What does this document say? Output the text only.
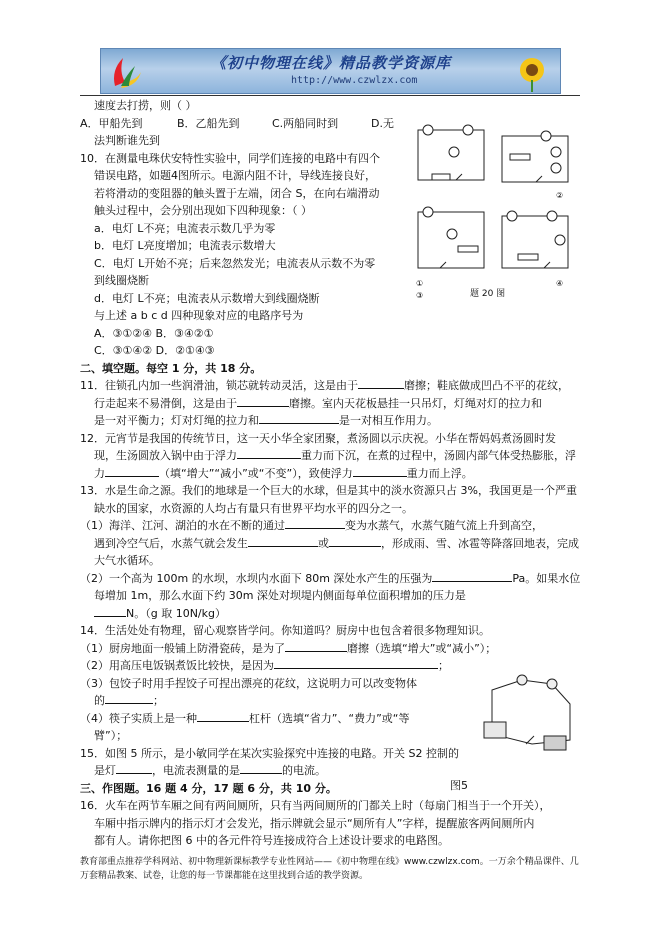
《初中物理在线》精品教学资源库
http://www.czwlzx.com
速度去打捞，则（ ）
A．甲船先到	B．乙船先到	C.两船同时到	D.无
法判断谁先到
10．在测量电珠伏安特性实验中，同学们连接的电路中有四个
错误电路，如题4图所示。电源内阻不计，导线连接良好，
若将滑动的变阻器的触头置于左端，闭合 S，在向右端滑动
触头过程中，会分别出现如下四种现象：（ ）
a．电灯 L不亮；电流表示数几乎为零
b．电灯 L亮度增加；电流表示数增大
C．电灯 L开始不亮；后来忽然发光；电流表从示数不为零
到线圈烧断
d．电灯 L不亮；电流表从示数增大到线圈烧断
与上述 a b c d 四种现象对应的电路序号为
A．③①②④ B．③④②①
C．③①④② D．②①④③
①
②
③
④
题 20 图
二、填空题。每空 1 分，共 18 分。
11．往锁孔内加一些润滑油，锁芯就转动灵活，这是由于	磨擦；鞋底做成凹凸不平的花纹，
行走起来不易滑倒，这是由于	磨擦。室内天花板悬挂一只吊灯，灯绳对灯的拉力和
是一对平衡力；灯对灯绳的拉力和	是一对相互作用力。
12．元宵节是我国的传统节日，这一天小华全家团聚，煮汤圆以示庆祝。小华在帮妈妈煮汤圆时发
现，生汤圆放入锅中由于浮力	重力而下沉，在煮的过程中，汤圆内部气体受热膨胀，浮
力	（填“增大”“减小”或“不变”），致使浮力	重力而上浮。
13．水是生命之源。我们的地球是一个巨大的水球，但是其中的淡水资源只占 3%，我国更是一个严重
缺水的国家，水资源的人均占有量只有世界平均水平的四分之一。
（1）海洋、江河、湖泊的水在不断的通过	变为水蒸气，水蒸气随气流上升到高空，
遇到冷空气后，水蒸气就会发生	或	，形成雨、雪、冰雹等降落回地表，完成
大气水循环。
（2）一个高为 100m 的水坝，水坝内水面下 80m 深处水产生的压强为	Pa。如果水位
每增加 1m，那么水面下约 30m 深处对坝堤内侧面每单位面积增加的压力是
N。（g 取 10N/kg）
14．生活处处有物理，留心观察皆学问。你知道吗？厨房中也包含着很多物理知识。
（1）厨房地面一般铺上防滑瓷砖，是为了	磨擦（选填“增大”或“减小”）；
（2）用高压电饭锅煮饭比较快，是因为	；
（3）包饺子时用手捏饺子可捏出漂亮的花纹，这说明力可以改变物体
的	；
（4）筷子实质上是一种	杠杆（选填“省力”、“费力”或“等
臂”）；
图5
15．如图 5 所示，是小敏同学在某次实验探究中连接的电路。开关 S2 控制的
是灯	，电流表测量的是	的电流。
三、作图题。16 题 4 分，17 题 6 分，共 10 分。
16．火车在两节车厢之间有两间厕所，只有当两间厕所的门都关上时（每扇门相当于一个开关），
车厢中指示牌内的指示灯才会发光，指示牌就会显示“厕所有人”字样，提醒旅客两间厕所内
都有人。请你把图 6 中的各元件符号连接成符合上述设计要求的电路图。
教育部重点推荐学科网站、初中物理新课标教学专业性网站——《初中物理在线》www.czwlzx.com。一万余个精品课件、几万套精品教案、试卷，让您的每一节课都能在这里找到合适的教学资源。
